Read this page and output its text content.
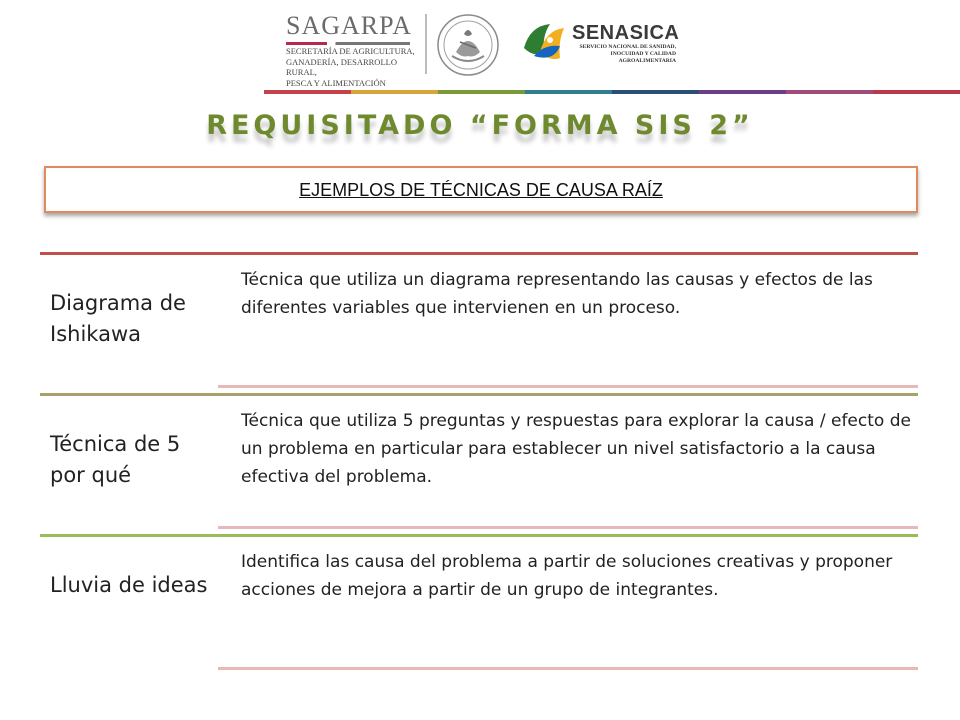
SAGARPA
SECRETARÍA DE AGRICULTURA,
GANADERÍA, DESARROLLO RURAL,
PESCA Y ALIMENTACIÓN
SENASICA
SERVICIO NACIONAL DE SANIDAD,
INOCUIDAD Y CALIDAD
AGROALIMENTARIA
REQUISITADO “FORMA SIS 2”
EJEMPLOS DE TÉCNICAS DE CAUSA RAÍZ
Diagrama de Ishikawa
Técnica que utiliza un diagrama representando las causas y efectos de las diferentes variables que intervienen en un proceso.
Técnica de 5 por qué
Técnica que utiliza 5 preguntas y respuestas para explorar la causa / efecto de un problema en particular para establecer un nivel satisfactorio a la causa efectiva del problema.
Lluvia de ideas
Identifica las causa del problema a partir de soluciones creativas y proponer acciones de mejora a partir de un grupo de integrantes.
